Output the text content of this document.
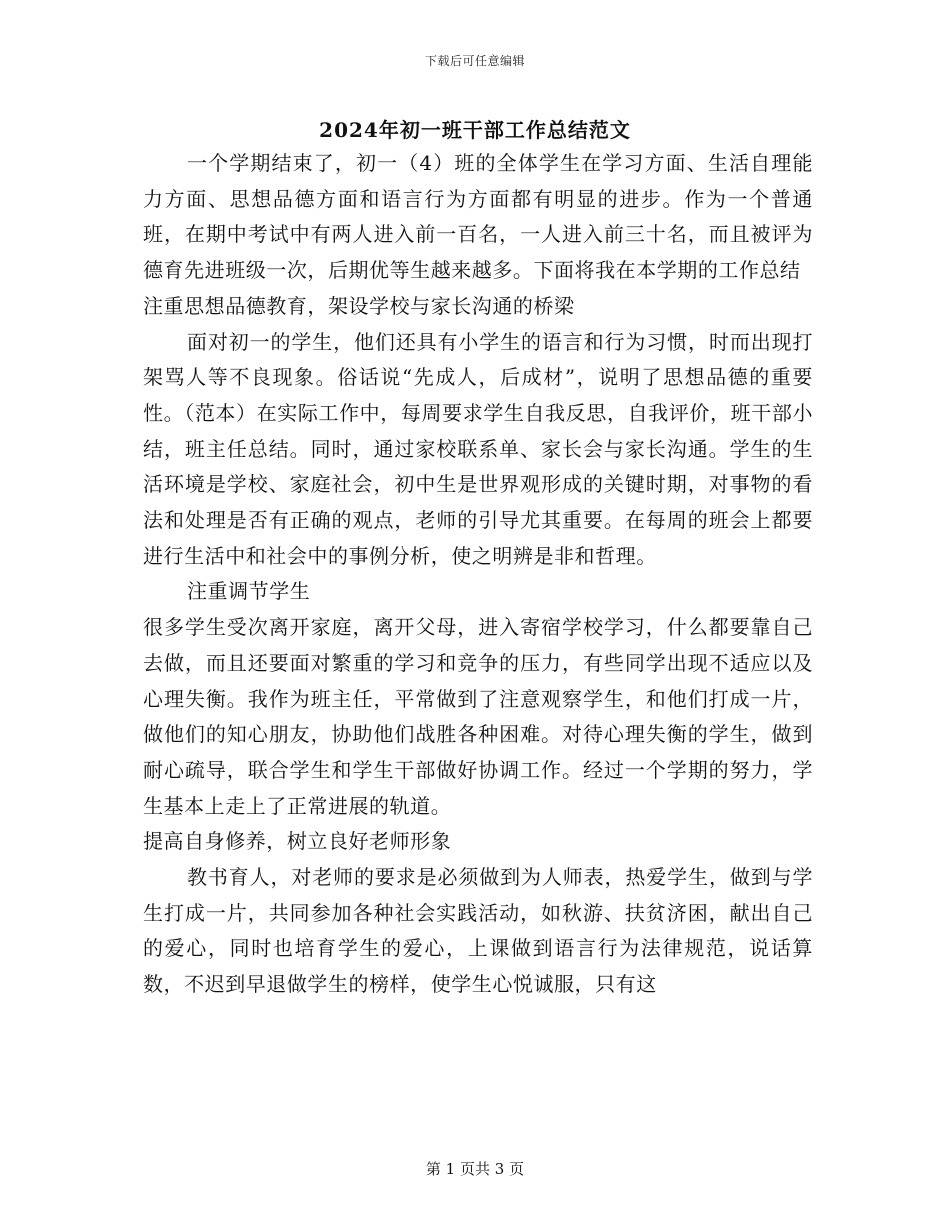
下载后可任意编辑
2024年初一班干部工作总结范文

一个学期结束了，初一（4）班的全体学生在学习方面、生活自理能力方面、思想品德方面和语言行为方面都有明显的进步。作为一个普通班，在期中考试中有两人进入前一百名，一人进入前三十名，而且被评为德育先进班级一次，后期优等生越来越多。下面将我在本学期的工作总结

注重思想品德教育，架设学校与家长沟通的桥梁

面对初一的学生，他们还具有小学生的语言和行为习惯，时而出现打架骂人等不良现象。俗话说“先成人，后成材”，说明了思想品德的重要性。（范本）在实际工作中，每周要求学生自我反思，自我评价，班干部小结，班主任总结。同时，通过家校联系单、家长会与家长沟通。学生的生活环境是学校、家庭社会，初中生是世界观形成的关键时期，对事物的看法和处理是否有正确的观点，老师的引导尤其重要。在每周的班会上都要进行生活中和社会中的事例分析，使之明辨是非和哲理。

注重调节学生

很多学生受次离开家庭，离开父母，进入寄宿学校学习，什么都要靠自己去做，而且还要面对繁重的学习和竞争的压力，有些同学出现不适应以及心理失衡。我作为班主任，平常做到了注意观察学生，和他们打成一片，做他们的知心朋友，协助他们战胜各种困难。对待心理失衡的学生，做到耐心疏导，联合学生和学生干部做好协调工作。经过一个学期的努力，学生基本上走上了正常进展的轨道。

提高自身修养，树立良好老师形象

教书育人，对老师的要求是必须做到为人师表，热爱学生，做到与学生打成一片，共同参加各种社会实践活动，如秋游、扶贫济困，献出自己的爱心，同时也培育学生的爱心，上课做到语言行为法律规范，说话算数，不迟到早退做学生的榜样，使学生心悦诚服，只有这

第 1 页共 3 页
